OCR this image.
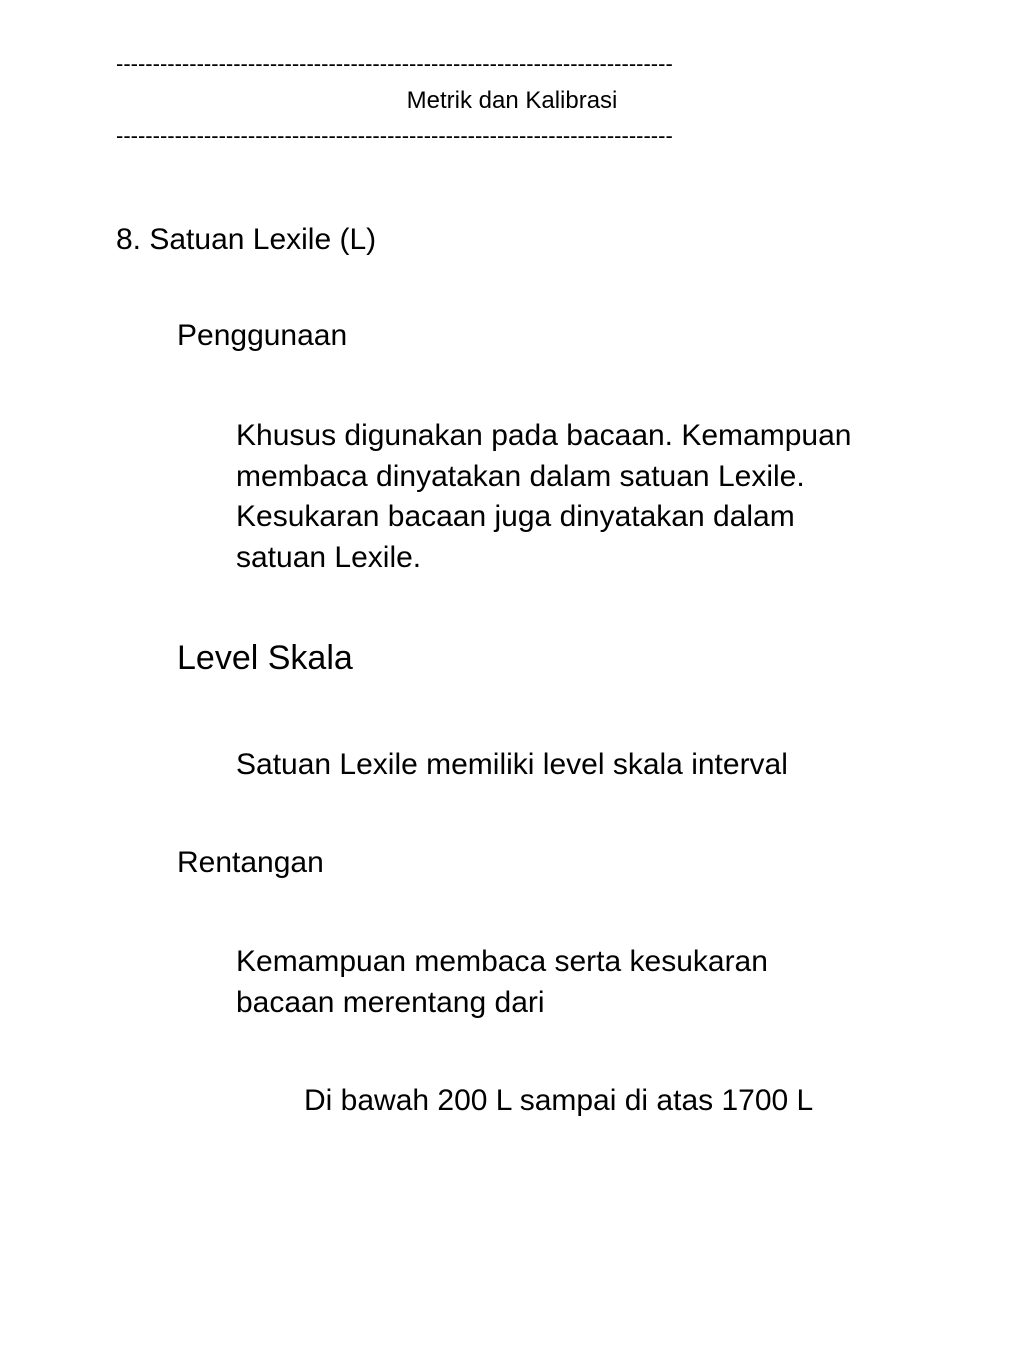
----------------------------------------------------------------------------
Metrik dan Kalibrasi
----------------------------------------------------------------------------
8. Satuan Lexile (L)
Penggunaan
Khusus digunakan pada bacaan. Kemampuan
membaca dinyatakan dalam satuan Lexile.
Kesukaran bacaan juga dinyatakan dalam
satuan Lexile.
Level Skala
Satuan Lexile memiliki level skala interval
Rentangan
Kemampuan membaca serta kesukaran
bacaan merentang dari
Di bawah 200 L sampai di atas 1700 L
